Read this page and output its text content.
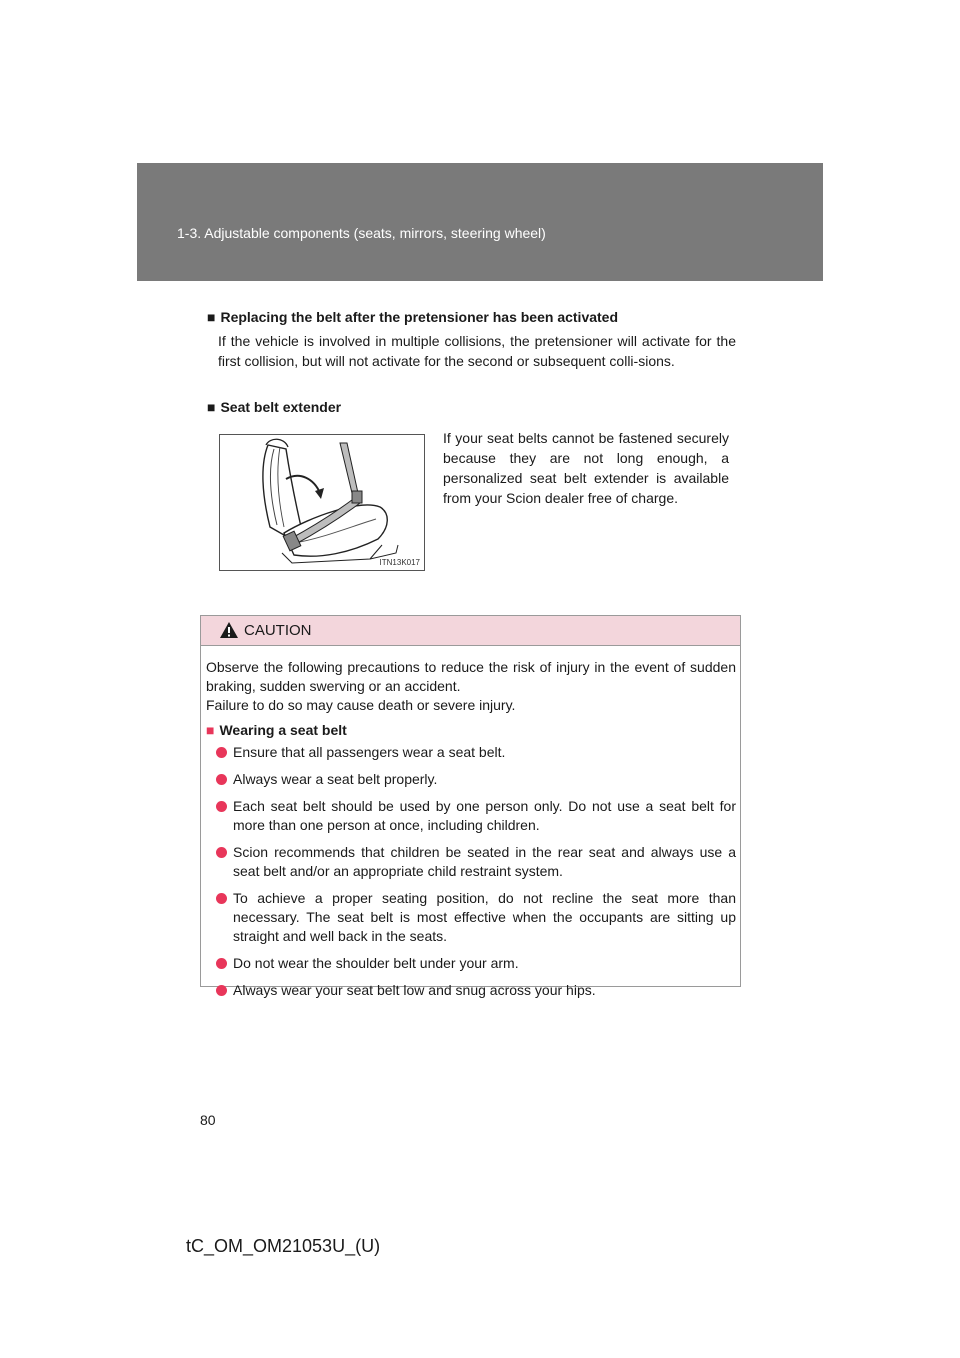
1-3. Adjustable components (seats, mirrors, steering wheel)
■ Replacing the belt after the pretensioner has been activated
If the vehicle is involved in multiple collisions, the pretensioner will activate for the first collision, but will not activate for the second or subsequent colli-sions.
■ Seat belt extender
ITN13K017
If your seat belts cannot be fastened securely because they are not long enough, a personalized seat belt extender is available from your Scion dealer free of charge.
CAUTION
Observe the following precautions to reduce the risk of injury in the event of sudden braking, sudden swerving or an accident.
Failure to do so may cause death or severe injury.
■ Wearing a seat belt
Ensure that all passengers wear a seat belt.
Always wear a seat belt properly.
Each seat belt should be used by one person only. Do not use a seat belt for more than one person at once, including children.
Scion recommends that children be seated in the rear seat and always use a seat belt and/or an appropriate child restraint system.
To achieve a proper seating position, do not recline the seat more than necessary. The seat belt is most effective when the occupants are sitting up straight and well back in the seats.
Do not wear the shoulder belt under your arm.
Always wear your seat belt low and snug across your hips.
80
tC_OM_OM21053U_(U)
